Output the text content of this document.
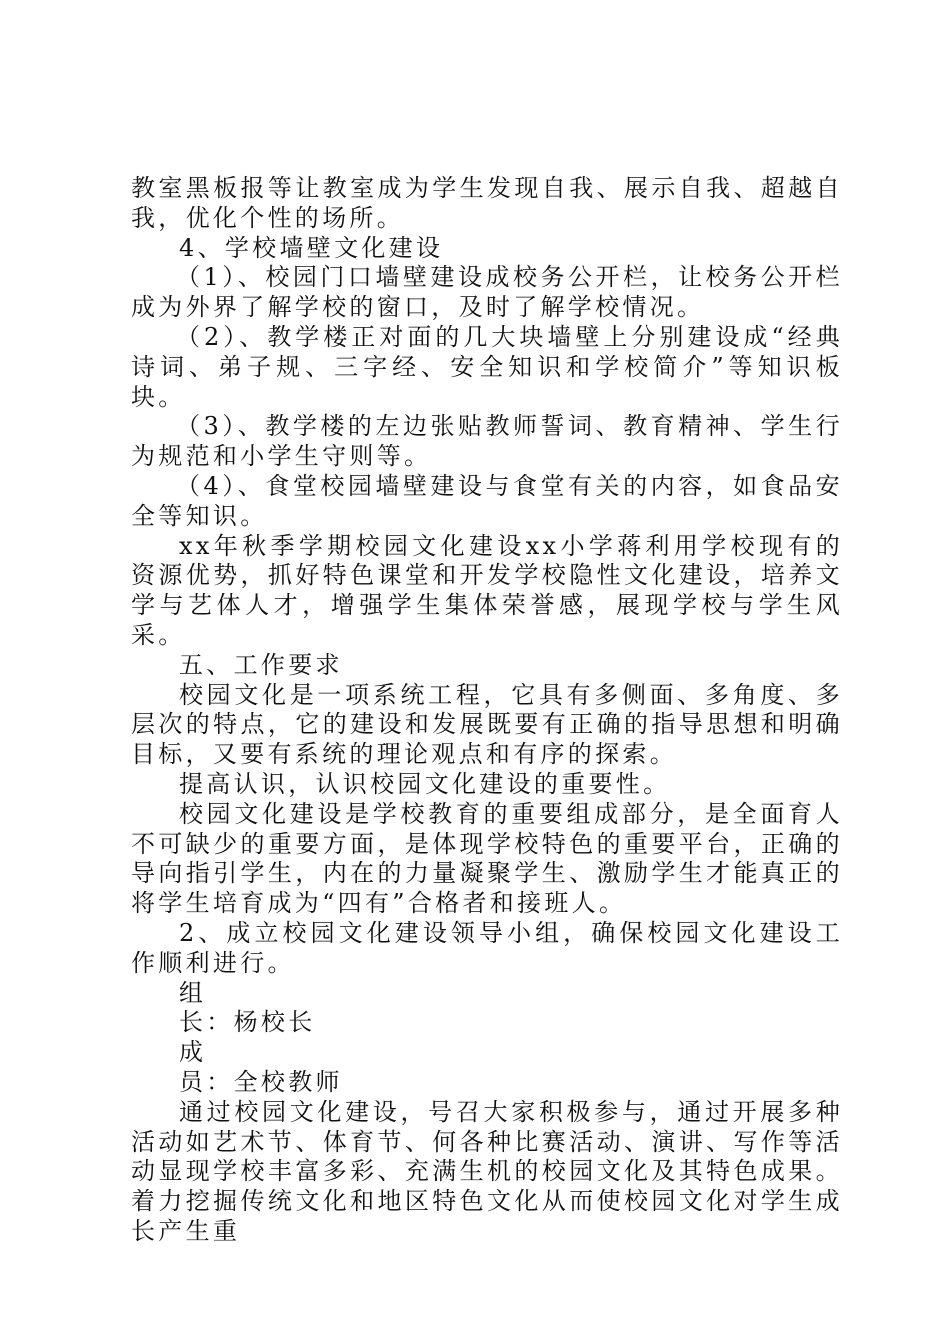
教室黑板报等让教室成为学生发现自我、展示自我、超越自我，优化个性的场所。

4、学校墙壁文化建设

（1）、校园门口墙壁建设成校务公开栏，让校务公开栏成为外界了解学校的窗口，及时了解学校情况。

（2）、教学楼正对面的几大块墙壁上分别建设成“经典诗词、弟子规、三字经、安全知识和学校简介”等知识板块。

（3）、教学楼的左边张贴教师誓词、教育精神、学生行为规范和小学生守则等。

（4）、食堂校园墙壁建设与食堂有关的内容，如食品安全等知识。

xx年秋季学期校园文化建设xx小学蒋利用学校现有的资源优势，抓好特色课堂和开发学校隐性文化建设，培养文学与艺体人才，增强学生集体荣誉感，展现学校与学生风采。

五、工作要求

校园文化是一项系统工程，它具有多侧面、多角度、多层次的特点，它的建设和发展既要有正确的指导思想和明确目标，又要有系统的理论观点和有序的探索。

提高认识，认识校园文化建设的重要性。

校园文化建设是学校教育的重要组成部分，是全面育人不可缺少的重要方面，是体现学校特色的重要平台，正确的导向指引学生，内在的力量凝聚学生、激励学生才能真正的将学生培育成为“四有”合格者和接班人。

2、成立校园文化建设领导小组，确保校园文化建设工作顺利进行。

组

长：杨校长

成

员：全校教师

通过校园文化建设，号召大家积极参与，通过开展多种活动如艺术节、体育节、何各种比赛活动、演讲、写作等活动显现学校丰富多彩、充满生机的校园文化及其特色成果。着力挖掘传统文化和地区特色文化从而使校园文化对学生成长产生重
